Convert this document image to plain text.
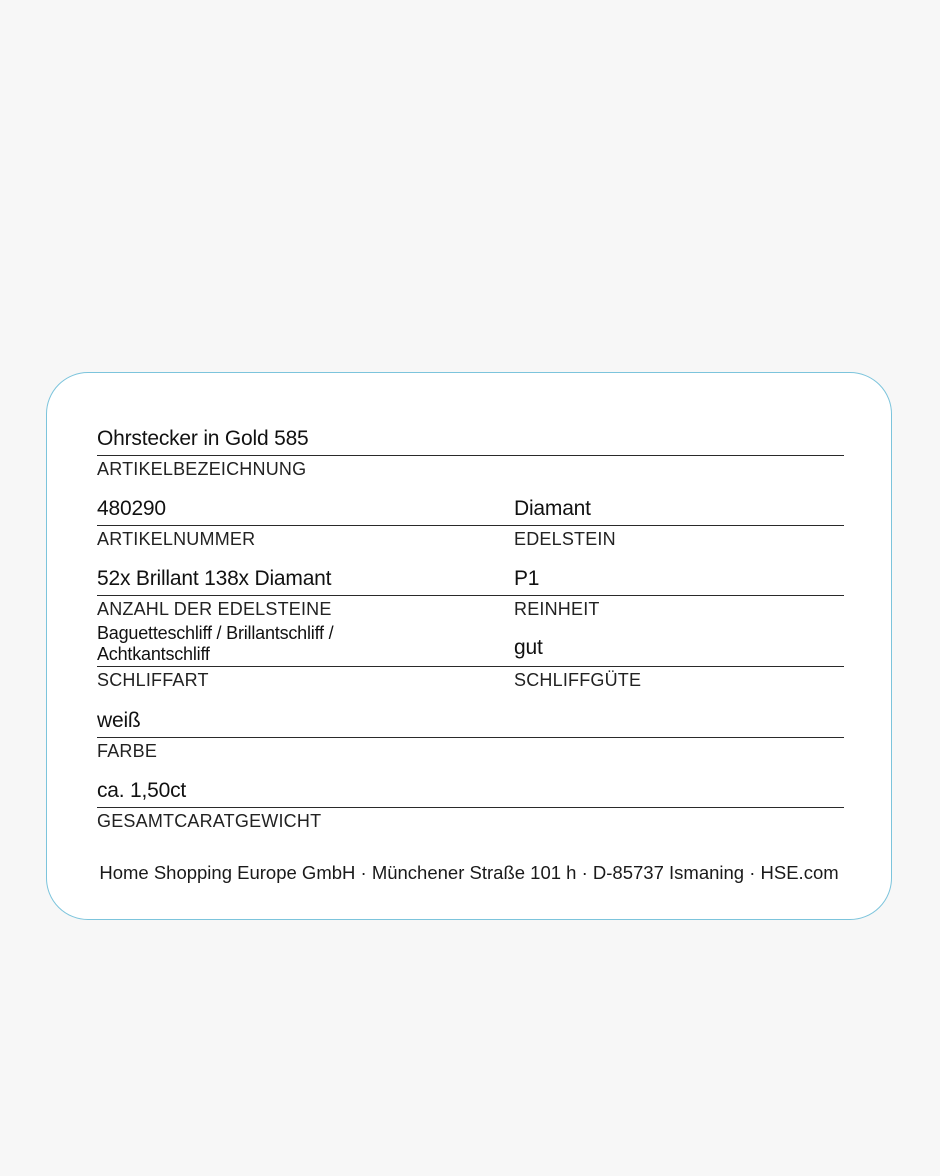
Ohrstecker in Gold 585
ARTIKELBEZEICHNUNG
480290
ARTIKELNUMMER
Diamant
EDELSTEIN
52x Brillant 138x Diamant
ANZAHL DER EDELSTEINE
P1
REINHEIT
Baguetteschliff / Brillantschliff / Achtkantschliff
SCHLIFFART
gut
SCHLIFFGÜTE
weiß
FARBE
ca. 1,50ct
GESAMTCARATGEWICHT
Home Shopping Europe GmbH · Münchener Straße 101 h · D-85737 Ismaning · HSE.com
